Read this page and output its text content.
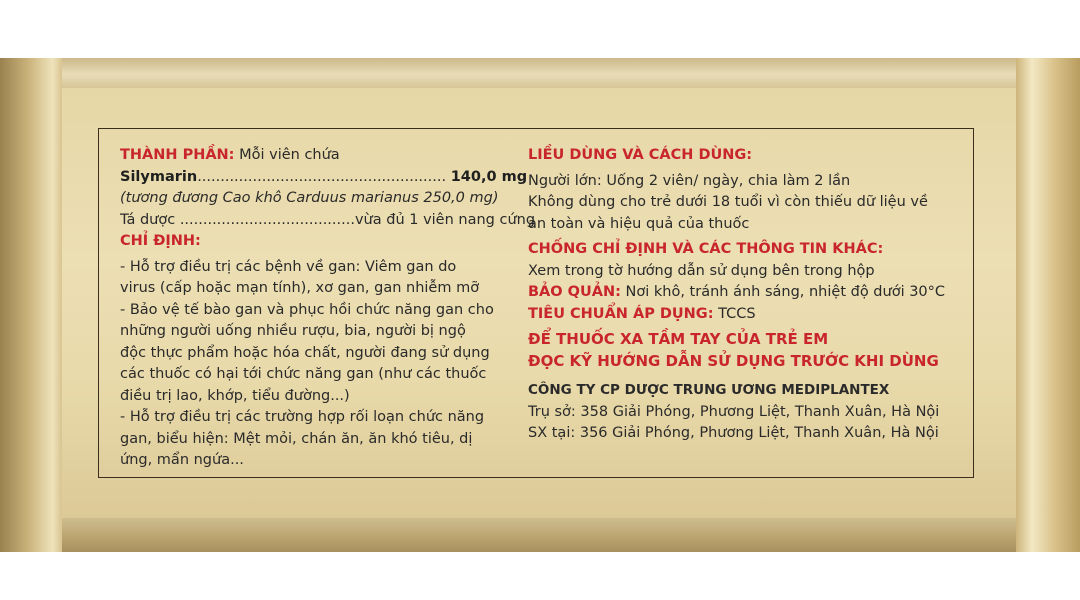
THÀNH PHẦN: Mỗi viên chứa
Silymarin...................................................... 140,0 mg
(tương đương Cao khô Carduus marianus 250,0 mg)
Tá dược ......................................vừa đủ 1 viên nang cứng
CHỈ ĐỊNH:
- Hỗ trợ điều trị các bệnh về gan: Viêm gan do
virus (cấp hoặc mạn tính), xơ gan, gan nhiễm mỡ
- Bảo vệ tế bào gan và phục hồi chức năng gan cho
những người uống nhiều rượu, bia, người bị ngộ
độc thực phẩm hoặc hóa chất, người đang sử dụng
các thuốc có hại tới chức năng gan (như các thuốc
điều trị lao, khớp, tiểu đường...)
- Hỗ trợ điều trị các trường hợp rối loạn chức năng
gan, biểu hiện: Mệt mỏi, chán ăn, ăn khó tiêu, dị
ứng, mẩn ngứa...
LIỀU DÙNG VÀ CÁCH DÙNG:
Người lớn: Uống 2 viên/ ngày, chia làm 2 lần
Không dùng cho trẻ dưới 18 tuổi vì còn thiếu dữ liệu về
an toàn và hiệu quả của thuốc
CHỐNG CHỈ ĐỊNH VÀ CÁC THÔNG TIN KHÁC:
Xem trong tờ hướng dẫn sử dụng bên trong hộp
BẢO QUẢN: Nơi khô, tránh ánh sáng, nhiệt độ dưới 30°C
TIÊU CHUẨN ÁP DỤNG: TCCS
ĐỂ THUỐC XA TẦM TAY CỦA TRẺ EM
ĐỌC KỸ HƯỚNG DẪN SỬ DỤNG TRƯỚC KHI DÙNG
CÔNG TY CP DƯỢC TRUNG ƯƠNG MEDIPLANTEX
Trụ sở: 358 Giải Phóng, Phương Liệt, Thanh Xuân, Hà Nội
SX tại: 356 Giải Phóng, Phương Liệt, Thanh Xuân, Hà Nội
